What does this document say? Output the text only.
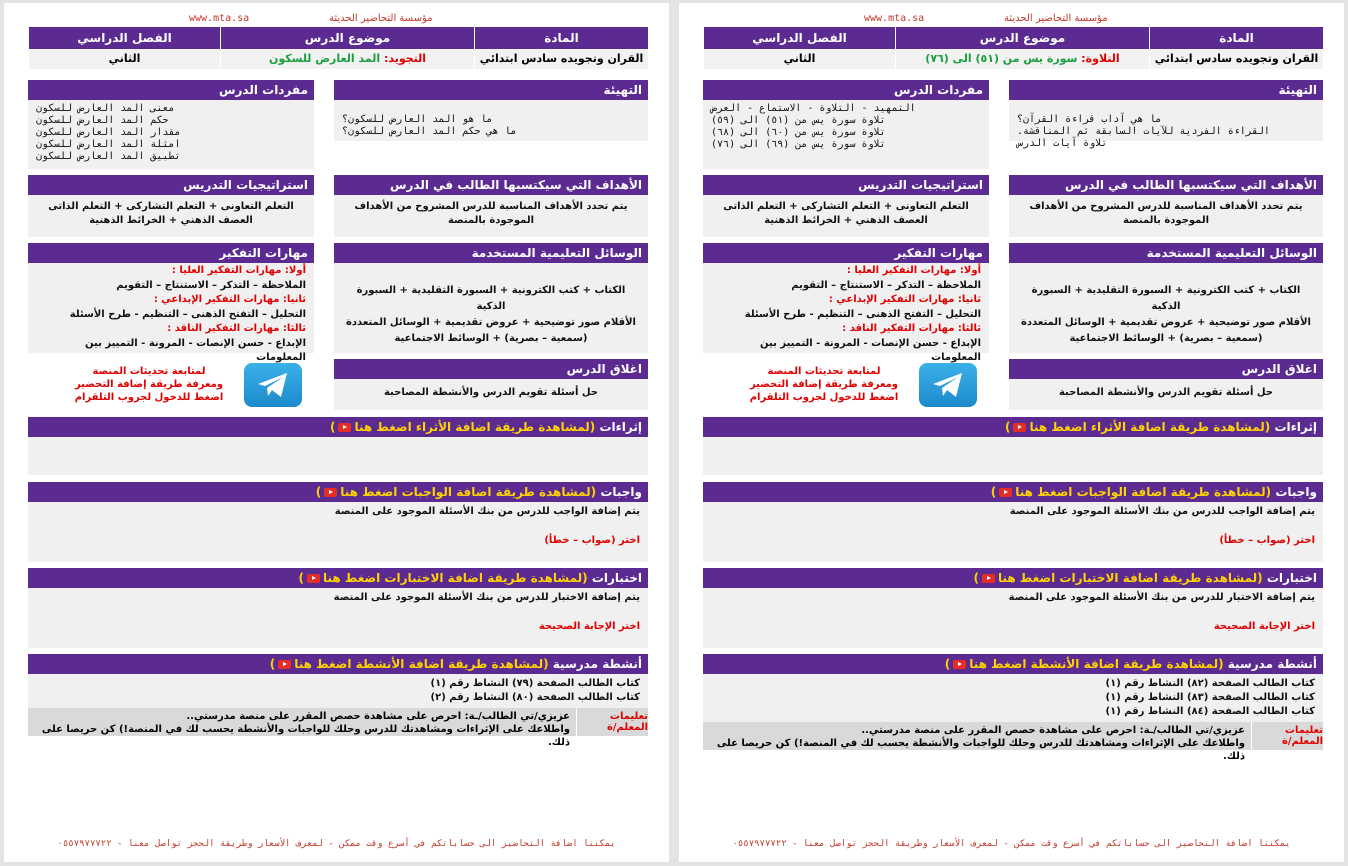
www.mta.sa	مؤسسة التحاضير الحديثة
المادة
القران وتجويده سادس ابتدائي
موضوع الدرس
التجويد: المد العارض للسكون
الفصل الدراسي
الثاني
التهيئة
ما هو المد العارض للسكون؟
ما هي حكم المد العارض للسكون؟
مفردات الدرس
معنى المد العارض للسكون
حكم المد العارض للسكون
مقدار المد العارض للسكون
امثلة المد العارض للسكون
تطبيق المد العارض للسكون
الأهداف التي سيكتسبها الطالب في الدرس
يتم تحدد الأهداف المناسبة للدرس المشروح من الأهداف الموجودة بالمنصة
استراتيجيات التدريس
التعلم التعاونى + التعلم التشاركى + التعلم الذاتى
العصف الذهني + الخرائط الذهنية
الوسائل التعليمية المستخدمة
الكتاب + كتب الكترونية + السبورة التقليدية + السبورة الذكية
الأقلام صور توضيحية + عروض تقديمية + الوسائل المتعددة
(سمعية – بصرية) + الوسائط الاجتماعية
مهارات التفكير
أولا: مهارات التفكير العليا :
الملاحظة – التذكر – الاستنتاج – التقويم
ثانيا: مهارات التفكير الإبداعي :
التحليل – التفتح الذهنى – التنظيم - طرح الأسئلة
ثالثا: مهارات التفكير الناقد :
الإبداع - حسن الإنصات - المرونة - التمييز بين المعلومات
اغلاق الدرس
حل أسئلة تقويم الدرس والأنشطة المصاحبة
لمتابعة تحديثات المنصة
ومعرفة طريقة إضافة التحضير
اضغط للدخول لجروب التلقرام
إثراءات (لمشاهدة طريقة اضافة الأثراء اضغط هنا)
واجبات (لمشاهدة طريقة اضافة الواجبات اضغط هنا)
يتم إضافة الواجب للدرس من بنك الأسئلة الموجود على المنصة
اختر (صواب – خطأ)
اختبارات (لمشاهدة طريقة اضافة الاختبارات اضغط هنا)
يتم إضافة الاختبار للدرس من بنك الأسئلة الموجود على المنصة
اختر الإجابة الصحيحة
أنشطة مدرسية (لمشاهدة طريقة اضافة الأنشطة اضغط هنا)
كتاب الطالب الصفحة (٧٩) النشاط رقم (١)
كتاب الطالب الصفحة (٨٠) النشاط رقم (٢)
تعليمات المعلم/ة
عزيزي/تي الطالب/ـة: احرص على مشاهدة حصص المقرر على منصة مدرستي..
واطلاعك على الإثراءات ومشاهدتك للدرس وحلك للواجبات والأنشطة يحسب لك في المنصة!) كن حريصا على ذلك.
يمكننا اضافة التحاضير الى حساباتكم في أسرع وقت ممكن - لمعرف الأسعار وطريقة الحجز تواصل معنا - ٠٥٥٧٩٧٧٧٢٢
www.mta.sa	مؤسسة التحاضير الحديثة
المادة
القران وتجويده سادس ابتدائي
موضوع الدرس
التلاوة: سورة يس من (٥١) الى (٧٦)
الفصل الدراسي
الثاني
التهيئة
ما هي آداب قراءة القرآن؟
القراءة الفردية للآيات السابقة ثم المناقشة.
تلاوة آيات الدرس
مفردات الدرس
التمهيد - التلاوة - الاستماع - العرض
تلاوة سورة يس من (٥١) الى (٥٩)
تلاوة سورة يس من (٦٠) الى (٦٨)
تلاوة سورة يس من (٦٩) الى (٧٦)
الأهداف التي سيكتسبها الطالب في الدرس
يتم تحدد الأهداف المناسبة للدرس المشروح من الأهداف الموجودة بالمنصة
استراتيجيات التدريس
التعلم التعاونى + التعلم التشاركى + التعلم الذاتى
العصف الذهني + الخرائط الذهنية
الوسائل التعليمية المستخدمة
الكتاب + كتب الكترونية + السبورة التقليدية + السبورة الذكية
الأقلام صور توضيحية + عروض تقديمية + الوسائل المتعددة
(سمعية – بصرية) + الوسائط الاجتماعية
مهارات التفكير
أولا: مهارات التفكير العليا :
الملاحظة – التذكر – الاستنتاج – التقويم
ثانيا: مهارات التفكير الإبداعي :
التحليل – التفتح الذهنى – التنظيم - طرح الأسئلة
ثالثا: مهارات التفكير الناقد :
الإبداع - حسن الإنصات - المرونة - التمييز بين المعلومات
اغلاق الدرس
حل أسئلة تقويم الدرس والأنشطة المصاحبة
لمتابعة تحديثات المنصة
ومعرفة طريقة إضافة التحضير
اضغط للدخول لجروب التلقرام
إثراءات (لمشاهدة طريقة اضافة الأثراء اضغط هنا)
واجبات (لمشاهدة طريقة اضافة الواجبات اضغط هنا)
يتم إضافة الواجب للدرس من بنك الأسئلة الموجود على المنصة
اختر (صواب – خطأ)
اختبارات (لمشاهدة طريقة اضافة الاختبارات اضغط هنا)
يتم إضافة الاختبار للدرس من بنك الأسئلة الموجود على المنصة
اختر الإجابة الصحيحة
أنشطة مدرسية (لمشاهدة طريقة اضافة الأنشطة اضغط هنا)
كتاب الطالب الصفحة (٨٢) النشاط رقم (١)
كتاب الطالب الصفحة (٨٣) النشاط رقم (١)
كتاب الطالب الصفحة (٨٤) النشاط رقم (١)
تعليمات المعلم/ة
عزيزي/تي الطالب/ـة: احرص على مشاهدة حصص المقرر على منصة مدرستي..
واطلاعك على الإثراءات ومشاهدتك للدرس وحلك للواجبات والأنشطة يحسب لك في المنصة!) كن حريصا على ذلك.
يمكننا اضافة التحاضير الى حساباتكم في أسرع وقت ممكن - لمعرف الأسعار وطريقة الحجز تواصل معنا - ٠٥٥٧٩٧٧٧٢٢
